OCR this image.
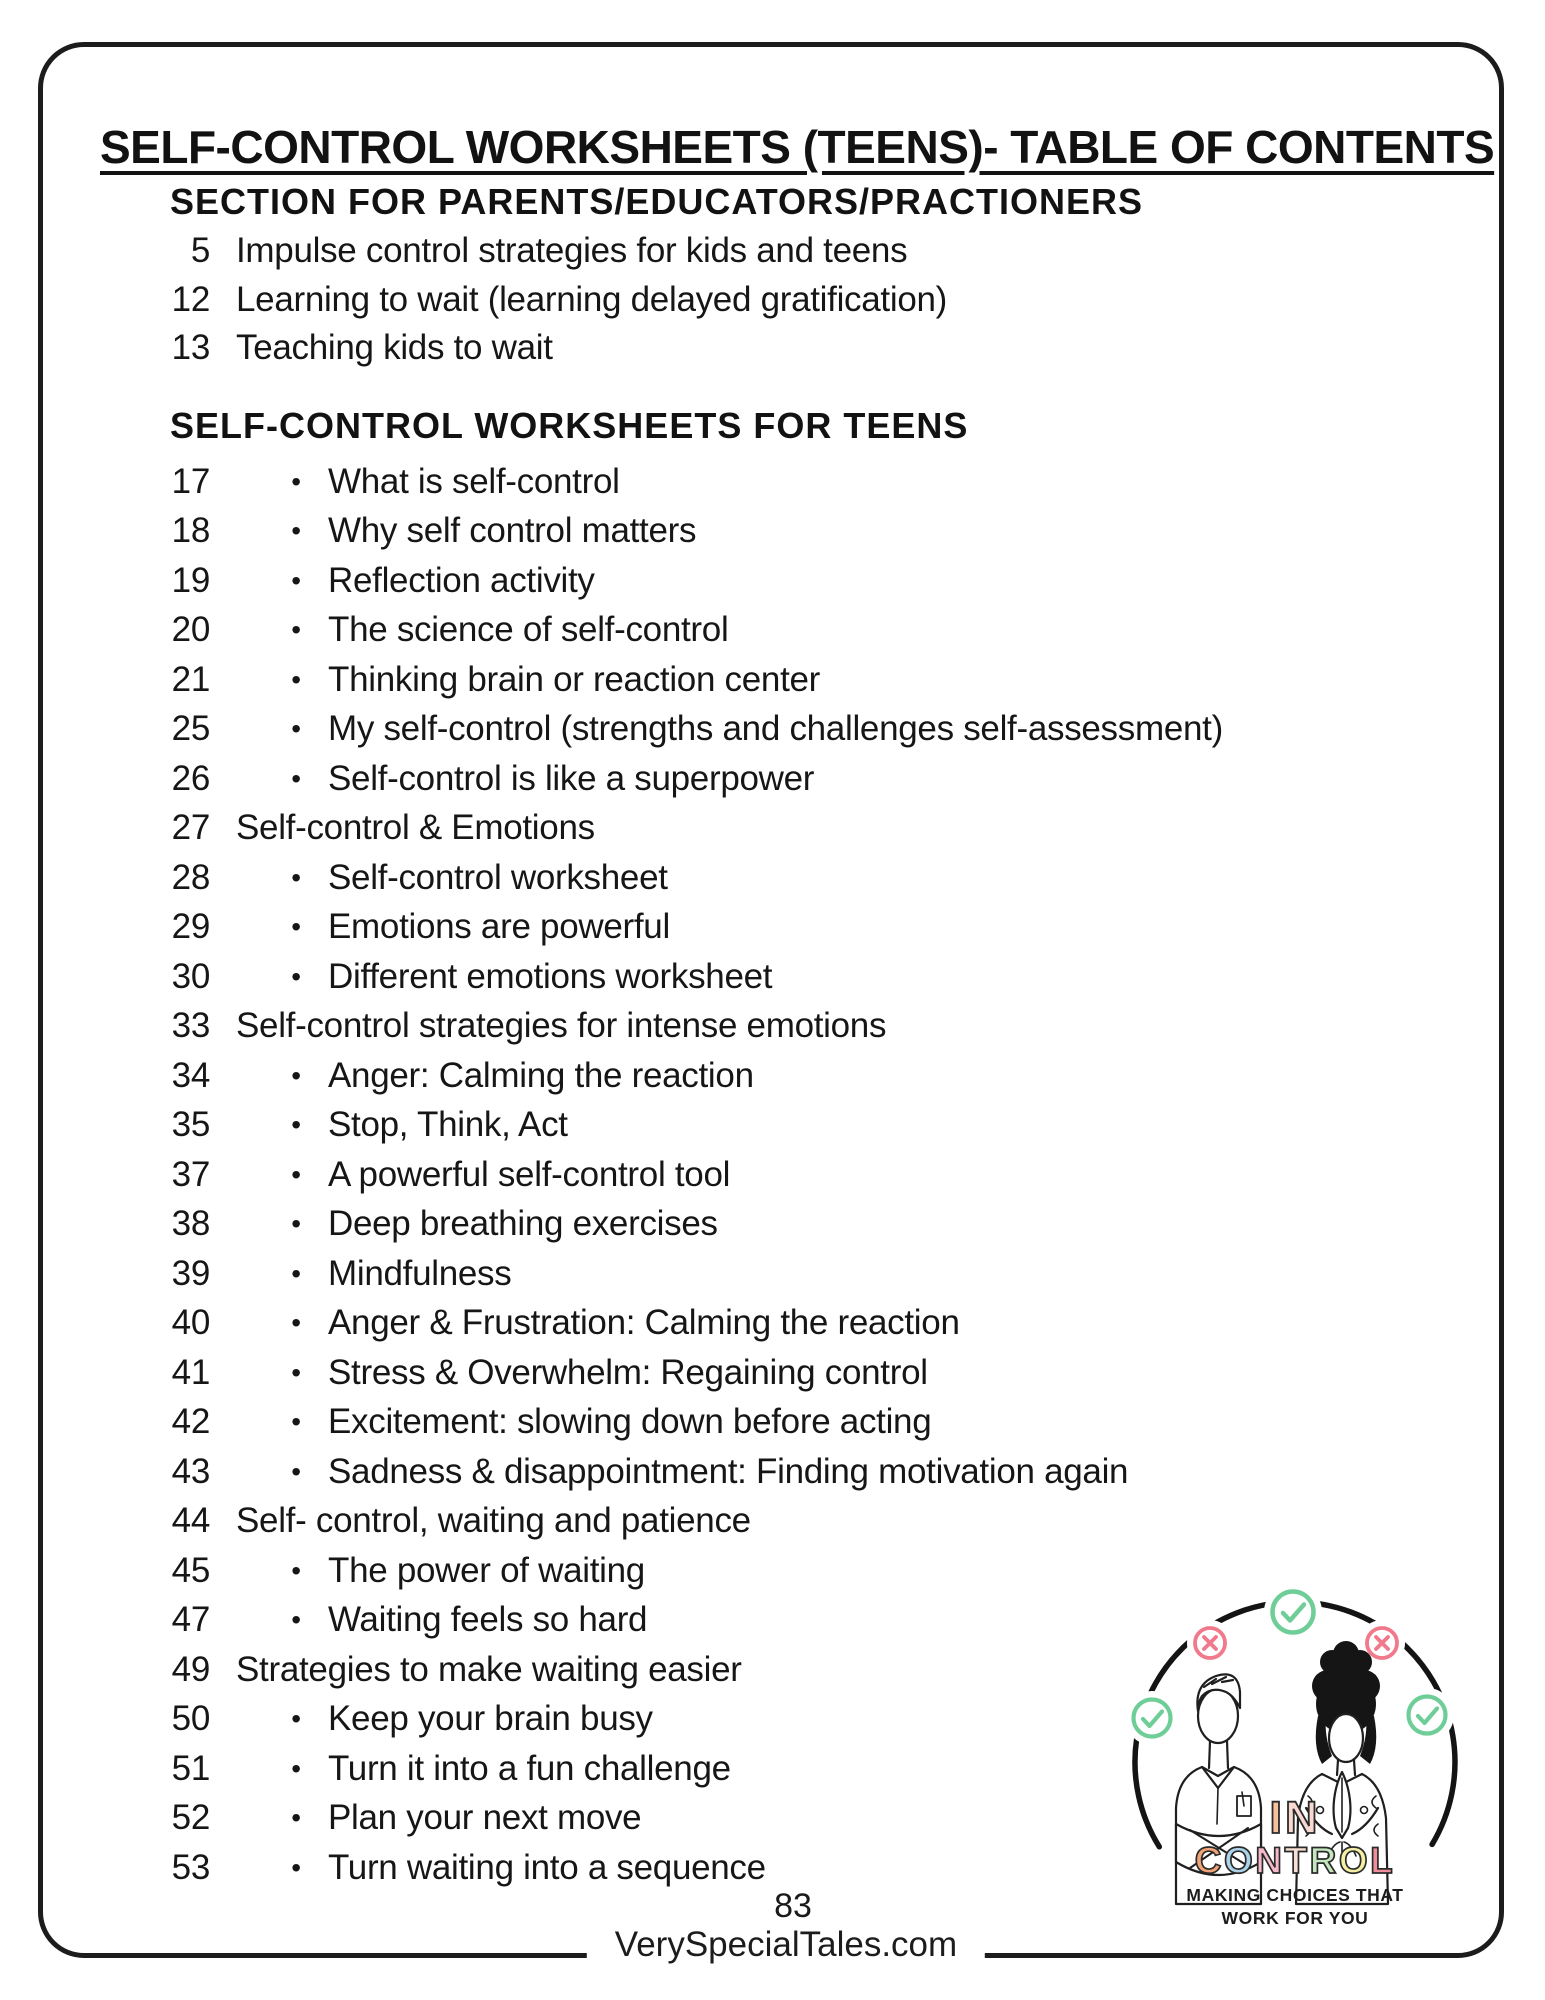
SELF-CONTROL WORKSHEETS (TEENS)- TABLE OF CONTENTS
SECTION FOR PARENTS/EDUCATORS/PRACTIONERS
5 Impulse control strategies for kids and teens
12 Learning to wait (learning delayed gratification)
13 Teaching kids to wait
SELF-CONTROL WORKSHEETS FOR TEENS
17	• What is self-control
18	• Why self control matters
19	• Reflection activity
20	• The science of self-control
21	• Thinking brain or reaction center
25	• My self-control (strengths and challenges self-assessment)
26	• Self-control is like a superpower
27 Self-control & Emotions
28	• Self-control worksheet
29	• Emotions are powerful
30	• Different emotions worksheet
33 Self-control strategies for intense emotions
34	• Anger: Calming the reaction
35	• Stop, Think, Act
37	• A powerful self-control tool
38	• Deep breathing exercises
39	• Mindfulness
40	• Anger & Frustration: Calming the reaction
41	• Stress & Overwhelm: Regaining control
42	• Excitement: slowing down before acting
43	• Sadness & disappointment: Finding motivation again
44 Self- control, waiting and patience
45	• The power of waiting
47	• Waiting feels so hard
49 Strategies to make waiting easier
50	• Keep your brain busy
51	• Turn it into a fun challenge
52	• Plan your next move
53	• Turn waiting into a sequence
IN
CONTROL
MAKING CHOICES THAT
WORK FOR YOU
83
VerySpecialTales.com
